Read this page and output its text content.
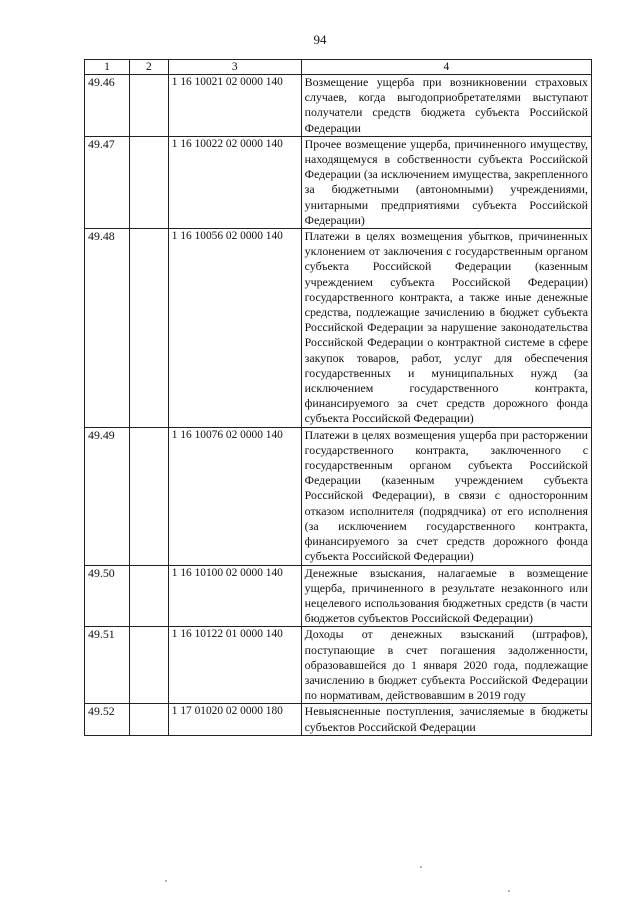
94
1	2	3	4
49.46		1 16 10021 02 0000 140	Возмещение ущерба при возникновении страховых случаев, когда выгодоприобретателями выступают получатели средств бюджета субъекта Российской Федерации
49.47		1 16 10022 02 0000 140	Прочее возмещение ущерба, причиненного имуществу, находящемуся в собственности субъекта Российской Федерации (за исключением имущества, закрепленного за бюджетными (автономными) учреждениями, унитарными предприятиями субъекта Российской Федерации)
49.48		1 16 10056 02 0000 140	Платежи в целях возмещения убытков, причиненных уклонением от заключения с государственным органом субъекта Российской Федерации (казенным учреждением субъекта Российской Федерации) государственного контракта, а также иные денежные средства, подлежащие зачислению в бюджет субъекта Российской Федерации за нарушение законодательства Российской Федерации о контрактной системе в сфере закупок товаров, работ, услуг для обеспечения государственных и муниципальных нужд (за исключением государственного контракта, финансируемого за счет средств дорожного фонда субъекта Российской Федерации)
49.49		1 16 10076 02 0000 140	Платежи в целях возмещения ущерба при расторжении государственного контракта, заключенного с государственным органом субъекта Российской Федерации (казенным учреждением субъекта Российской Федерации), в связи с односторонним отказом исполнителя (подрядчика) от его исполнения (за исключением государственного контракта, финансируемого за счет средств дорожного фонда субъекта Российской Федерации)
49.50		1 16 10100 02 0000 140	Денежные взыскания, налагаемые в возмещение ущерба, причиненного в результате незаконного или нецелевого использования бюджетных средств (в части бюджетов субъектов Российской Федерации)
49.51		1 16 10122 01 0000 140	Доходы от денежных взысканий (штрафов), поступающие в счет погашения задолженности, образовавшейся до 1 января 2020 года, подлежащие зачислению в бюджет субъекта Российской Федерации по нормативам, действовавшим в 2019 году
49.52		1 17 01020 02 0000 180	Невыясненные поступления, зачисляемые в бюджеты субъектов Российской Федерации
